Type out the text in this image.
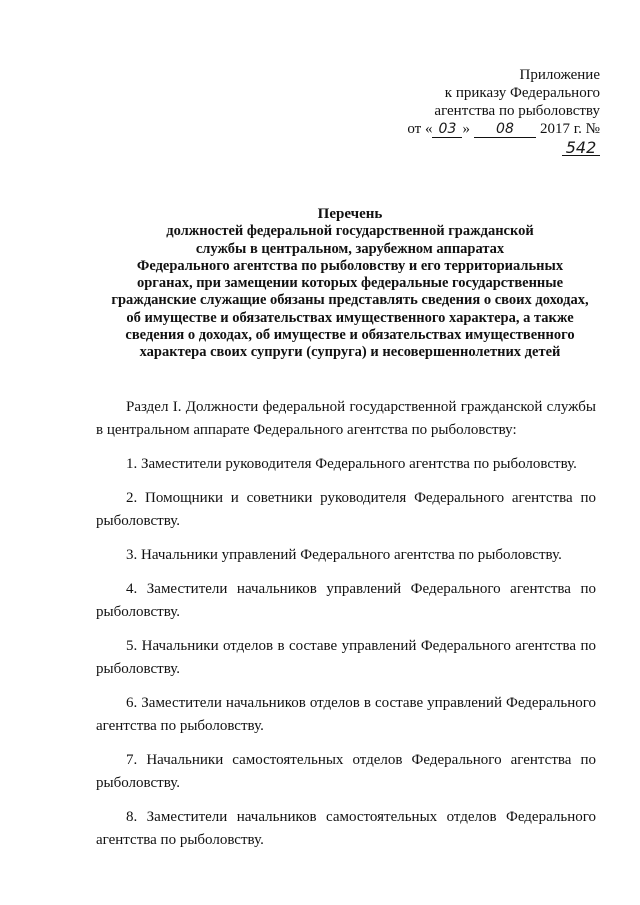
Приложение
к приказу Федерального
агентства по рыболовству
от « 03 » 08 2017 г. №
542
Перечень
должностей федеральной государственной гражданской
службы в центральном, зарубежном аппаратах
Федерального агентства по рыболовству и его территориальных
органах, при замещении которых федеральные государственные
гражданские служащие обязаны представлять сведения о своих доходах,
об имуществе и обязательствах имущественного характера, а также
сведения о доходах, об имуществе и обязательствах имущественного
характера своих супруги (супруга) и несовершеннолетних детей

Раздел I. Должности федеральной государственной гражданской службы в центральном аппарате Федерального агентства по рыболовству:

1. Заместители руководителя Федерального агентства по рыболовству.

2. Помощники и советники руководителя Федерального агентства по рыболовству.

3. Начальники управлений Федерального агентства по рыболовству.

4. Заместители начальников управлений Федерального агентства по рыболовству.

5. Начальники отделов в составе управлений Федерального агентства по рыболовству.

6. Заместители начальников отделов в составе управлений Федерального агентства по рыболовству.

7. Начальники самостоятельных отделов Федерального агентства по рыболовству.

8. Заместители начальников самостоятельных отделов Федерального агентства по рыболовству.
